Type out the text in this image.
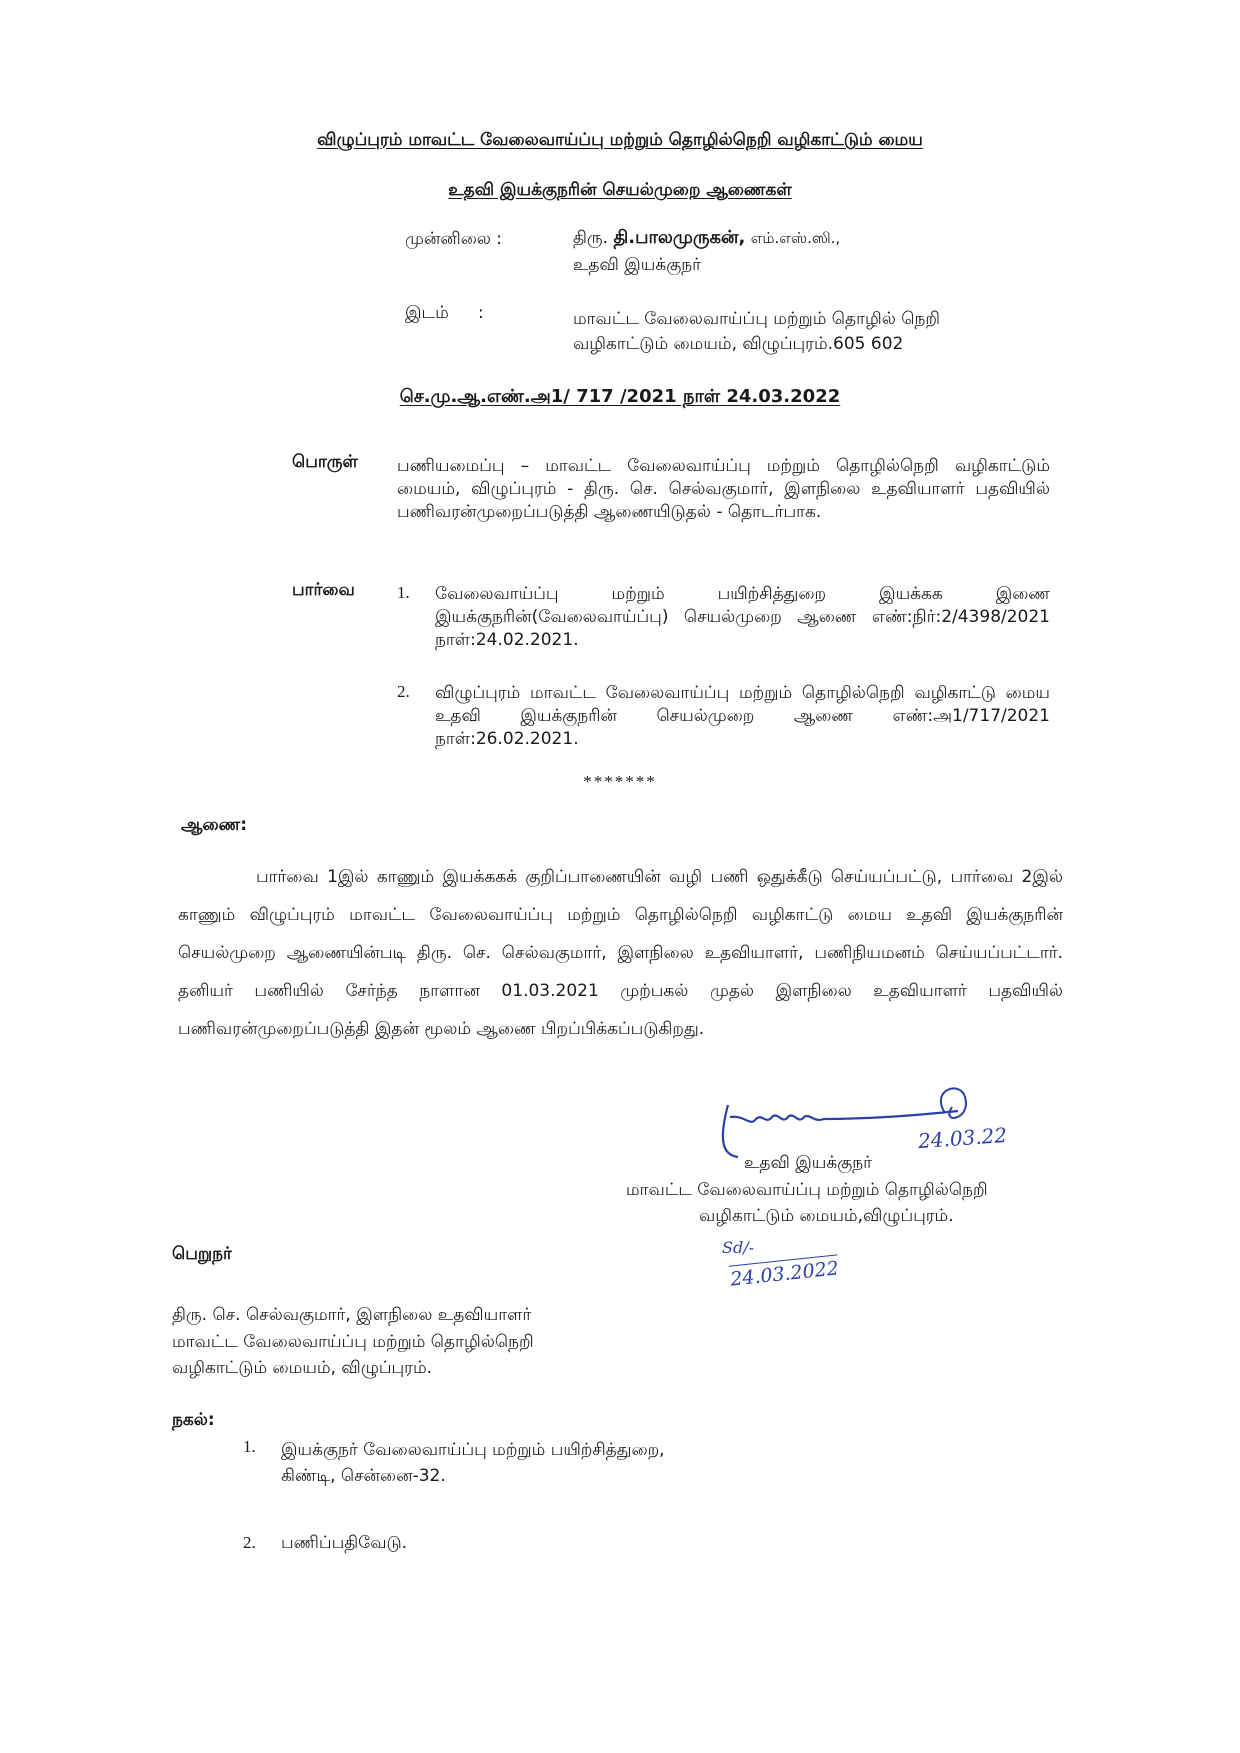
விழுப்புரம் மாவட்ட வேலைவாய்ப்பு மற்றும் தொழில்நெறி வழிகாட்டும் மைய
உதவி இயக்குநரின் செயல்முறை ஆணைகள்
முன்னிலை :	திரு. தி.பாலமுருகன், எம்.எஸ்.ஸி.,
உதவி இயக்குநர்
இடம் :	மாவட்ட வேலைவாய்ப்பு மற்றும் தொழில் நெறி
வழிகாட்டும் மையம், விழுப்புரம்.605 602
செ.மு.ஆ.எண்.அ1/ 717 /2021 நாள் 24.03.2022
பொருள் பணியமைப்பு – மாவட்ட வேலைவாய்ப்பு மற்றும் தொழில்நெறி வழிகாட்டும் மையம், விழுப்புரம் - திரு. செ. செல்வகுமார், இளநிலை உதவியாளர் பதவியில் பணிவரன்முறைப்படுத்தி ஆணையிடுதல் - தொடர்பாக.
பார்வை 1.	வேலைவாய்ப்பு மற்றும் பயிற்சித்துறை இயக்கக இணை இயக்குநரின்(வேலைவாய்ப்பு) செயல்முறை ஆணை எண்:நிர்:2/4398/2021 நாள்:24.02.2021.
2.	விழுப்புரம் மாவட்ட வேலைவாய்ப்பு மற்றும் தொழில்நெறி வழிகாட்டு மைய உதவி இயக்குநரின் செயல்முறை ஆணை எண்:அ1/717/2021 நாள்:26.02.2021.
*******
ஆணை:
பார்வை 1இல் காணும் இயக்ககக் குறிப்பாணையின் வழி பணி ஒதுக்கீடு செய்யப்பட்டு, பார்வை 2இல் காணும் விழுப்புரம் மாவட்ட வேலைவாய்ப்பு மற்றும் தொழில்நெறி வழிகாட்டு மைய உதவி இயக்குநரின் செயல்முறை ஆணையின்படி திரு. செ. செல்வகுமார், இளநிலை உதவியாளர், பணிநியமனம் செய்யப்பட்டார். தனியர் பணியில் சேர்ந்த நாளான 01.03.2021 முற்பகல் முதல் இளநிலை உதவியாளர் பதவியில் பணிவரன்முறைப்படுத்தி இதன் மூலம் ஆணை பிறப்பிக்கப்படுகிறது.
24.03.22
உதவி இயக்குநர்
மாவட்ட வேலைவாய்ப்பு மற்றும் தொழில்நெறி
வழிகாட்டும் மையம்,விழுப்புரம்.
Sd/-
24.03.2022
பெறுநர்
திரு. செ. செல்வகுமார், இளநிலை உதவியாளர்
மாவட்ட வேலைவாய்ப்பு மற்றும் தொழில்நெறி
வழிகாட்டும் மையம், விழுப்புரம்.
நகல்:
1.	இயக்குநர் வேலைவாய்ப்பு மற்றும் பயிற்சித்துறை,
கிண்டி, சென்னை-32.
2.	பணிப்பதிவேடு.
